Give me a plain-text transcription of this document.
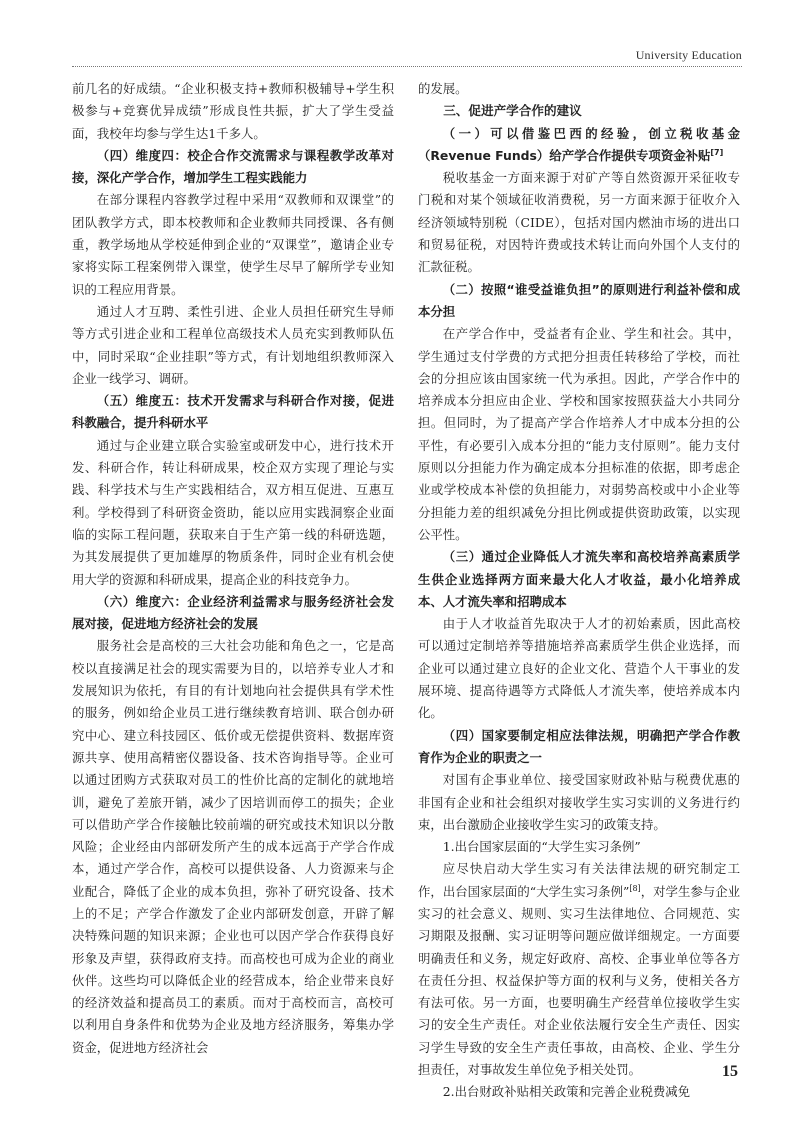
University Education

前几名的好成绩。“企业积极支持+教师积极辅导+学生积极参与+竞赛优异成绩”形成良性共振，扩大了学生受益面，我校年均参与学生达1千多人。

（四）维度四：校企合作交流需求与课程教学改革对接，深化产学合作，增加学生工程实践能力

在部分课程内容教学过程中采用“双教师和双课堂”的团队教学方式，即本校教师和企业教师共同授课、各有侧重，教学场地从学校延伸到企业的“双课堂”，邀请企业专家将实际工程案例带入课堂，使学生尽早了解所学专业知识的工程应用背景。

通过人才互聘、柔性引进、企业人员担任研究生导师等方式引进企业和工程单位高级技术人员充实到教师队伍中，同时采取“企业挂职”等方式，有计划地组织教师深入企业一线学习、调研。

（五）维度五：技术开发需求与科研合作对接，促进科教融合，提升科研水平

通过与企业建立联合实验室或研发中心，进行技术开发、科研合作，转让科研成果，校企双方实现了理论与实践、科学技术与生产实践相结合，双方相互促进、互惠互利。学校得到了科研资金资助，能以应用实践洞察企业面临的实际工程问题，获取来自于生产第一线的科研选题，为其发展提供了更加雄厚的物质条件，同时企业有机会使用大学的资源和科研成果，提高企业的科技竞争力。

（六）维度六：企业经济利益需求与服务经济社会发展对接，促进地方经济社会的发展

服务社会是高校的三大社会功能和角色之一，它是高校以直接满足社会的现实需要为目的，以培养专业人才和发展知识为依托，有目的有计划地向社会提供具有学术性的服务，例如给企业员工进行继续教育培训、联合创办研究中心、建立科技园区、低价或无偿提供资料、数据库资源共享、使用高精密仪器设备、技术咨询指导等。企业可以通过团购方式获取对员工的性价比高的定制化的就地培训，避免了差旅开销，减少了因培训而停工的损失；企业可以借助产学合作接触比较前端的研究或技术知识以分散风险；企业经由内部研发所产生的成本远高于产学合作成本，通过产学合作，高校可以提供设备、人力资源来与企业配合，降低了企业的成本负担，弥补了研究设备、技术上的不足；产学合作激发了企业内部研发创意，开辟了解决特殊问题的知识来源；企业也可以因产学合作获得良好形象及声望，获得政府支持。而高校也可成为企业的商业伙伴。这些均可以降低企业的经营成本，给企业带来良好的经济效益和提高员工的素质。而对于高校而言，高校可以利用自身条件和优势为企业及地方经济服务，筹集办学资金，促进地方经济社会

的发展。

三、促进产学合作的建议
（一）可以借鉴巴西的经验，创立税收基金（Revenue Funds）给产学合作提供专项资金补贴[7]

税收基金一方面来源于对矿产等自然资源开采征收专门税和对某个领域征收消费税，另一方面来源于征收介入经济领域特别税（CIDE），包括对国内燃油市场的进出口和贸易征税，对因特许费或技术转让而向外国个人支付的汇款征税。

（二）按照“谁受益谁负担”的原则进行利益补偿和成本分担

在产学合作中，受益者有企业、学生和社会。其中，学生通过支付学费的方式把分担责任转移给了学校，而社会的分担应该由国家统一代为承担。因此，产学合作中的培养成本分担应由企业、学校和国家按照获益大小共同分担。但同时，为了提高产学合作培养人才中成本分担的公平性，有必要引入成本分担的“能力支付原则”。能力支付原则以分担能力作为确定成本分担标准的依据，即考虑企业或学校成本补偿的负担能力，对弱势高校或中小企业等分担能力差的组织减免分担比例或提供资助政策，以实现公平性。

（三）通过企业降低人才流失率和高校培养高素质学生供企业选择两方面来最大化人才收益，最小化培养成本、人才流失率和招聘成本

由于人才收益首先取决于人才的初始素质，因此高校可以通过定制培养等措施培养高素质学生供企业选择，而企业可以通过建立良好的企业文化、营造个人干事业的发展环境、提高待遇等方式降低人才流失率，使培养成本内化。

（四）国家要制定相应法律法规，明确把产学合作教育作为企业的职责之一

对国有企事业单位、接受国家财政补贴与税费优惠的非国有企业和社会组织对接收学生实习实训的义务进行约束，出台激励企业接收学生实习的政策支持。

1.出台国家层面的“大学生实习条例”

应尽快启动大学生实习有关法律法规的研究制定工作，出台国家层面的“大学生实习条例”[8]，对学生参与企业实习的社会意义、规则、实习生法律地位、合同规范、实习期限及报酬、实习证明等问题应做详细规定。一方面要明确责任和义务，规定好政府、高校、企事业单位等各方在责任分担、权益保护等方面的权利与义务，使相关各方有法可依。另一方面，也要明确生产经营单位接收学生实习的安全生产责任。对企业依法履行安全生产责任、因实习学生导致的安全生产责任事故，由高校、企业、学生分担责任，对事故发生单位免予相关处罚。

2.出台财政补贴相关政策和完善企业税费减免

15
